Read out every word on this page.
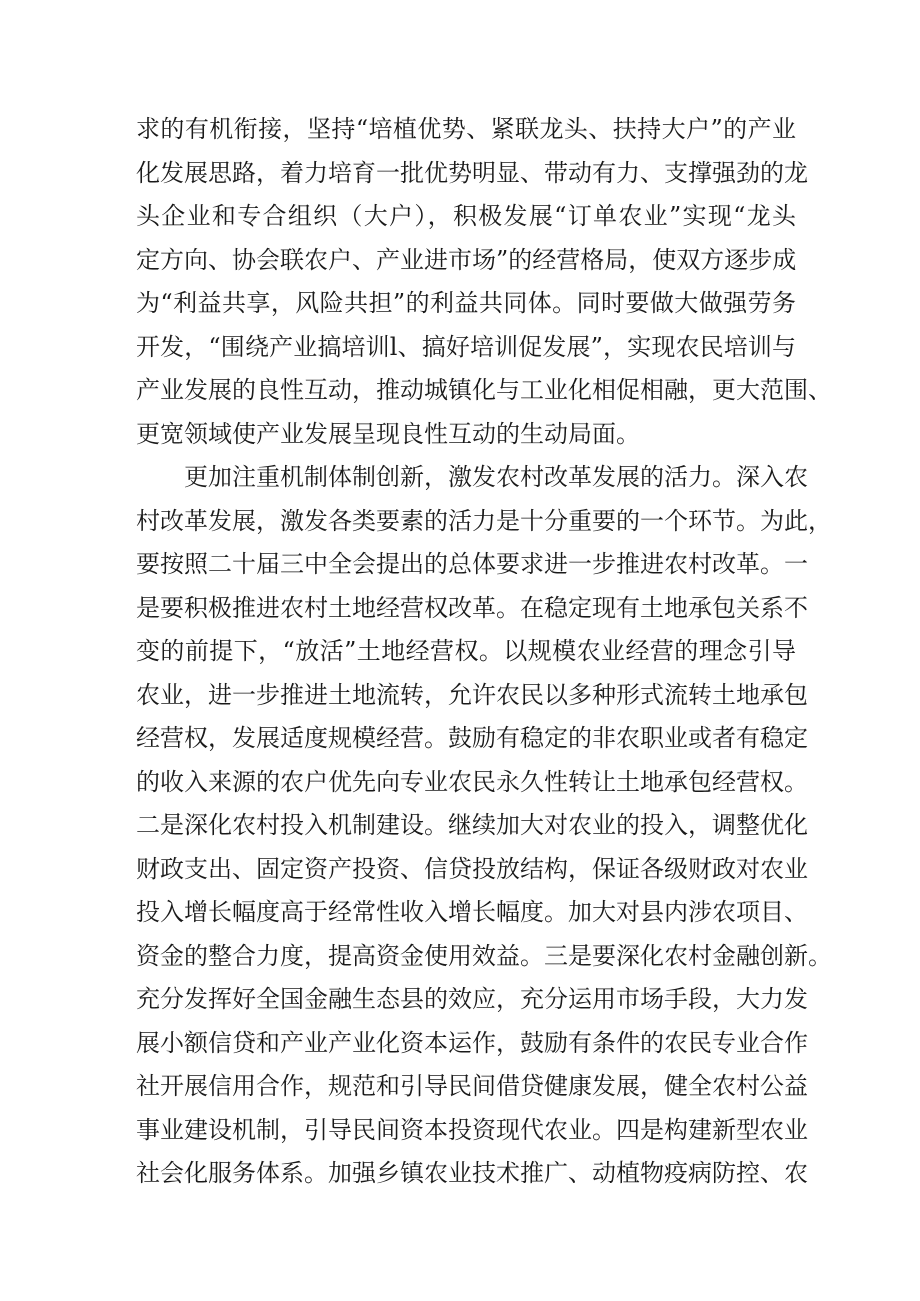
求的有机衔接，坚持“培植优势、紧联龙头、扶持大户”的产业
化发展思路，着力培育一批优势明显、带动有力、支撑强劲的龙
头企业和专合组织（大户），积极发展“订单农业”实现“龙头
定方向、协会联农户、产业进市场”的经营格局，使双方逐步成
为“利益共享，风险共担”的利益共同体。同时要做大做强劳务
开发，“围绕产业搞培训l、搞好培训促发展”，实现农民培训与
产业发展的良性互动，推动城镇化与工业化相促相融，更大范围、
更宽领域使产业发展呈现良性互动的生动局面。
更加注重机制体制创新，激发农村改革发展的活力。深入农
村改革发展，激发各类要素的活力是十分重要的一个环节。为此，
要按照二十届三中全会提出的总体要求进一步推进农村改革。一
是要积极推进农村土地经营权改革。在稳定现有土地承包关系不
变的前提下，“放活”土地经营权。以规模农业经营的理念引导
农业，进一步推进土地流转，允许农民以多种形式流转土地承包
经营权，发展适度规模经营。鼓励有稳定的非农职业或者有稳定
的收入来源的农户优先向专业农民永久性转让土地承包经营权。
二是深化农村投入机制建设。继续加大对农业的投入，调整优化
财政支出、固定资产投资、信贷投放结构，保证各级财政对农业
投入增长幅度高于经常性收入增长幅度。加大对县内涉农项目、
资金的整合力度，提高资金使用效益。三是要深化农村金融创新。
充分发挥好全国金融生态县的效应，充分运用市场手段，大力发
展小额信贷和产业产业化资本运作，鼓励有条件的农民专业合作
社开展信用合作，规范和引导民间借贷健康发展，健全农村公益
事业建设机制，引导民间资本投资现代农业。四是构建新型农业
社会化服务体系。加强乡镇农业技术推广、动植物疫病防控、农
